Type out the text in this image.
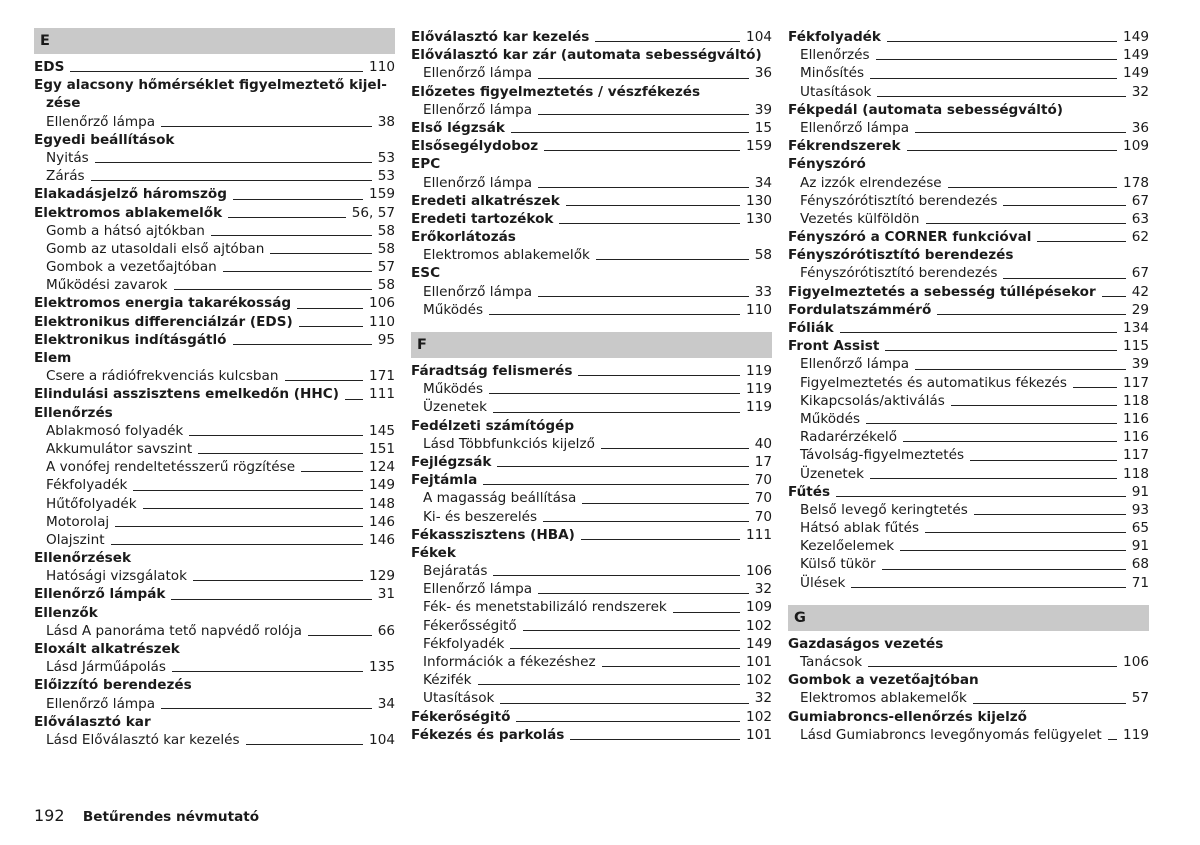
E
EDS	110
Egy alacsony hőmérséklet figyelmeztető kijel-
zése
Ellenőrző lámpa	38
Egyedi beállítások
Nyitás	53
Zárás	53
Elakadásjelző háromszög	159
Elektromos ablakemelők	56, 57
Gomb a hátsó ajtókban	58
Gomb az utasoldali első ajtóban	58
Gombok a vezetőajtóban	57
Működési zavarok	58
Elektromos energia takarékosság	106
Elektronikus differenciálzár (EDS)	110
Elektronikus indításgátló	95
Elem
Csere a rádiófrekvenciás kulcsban	171
Elindulási asszisztens emelkedőn (HHC) 111
Ellenőrzés
Ablakmosó folyadék	145
Akkumulátor savszint	151
A vonófej rendeltetésszerű rögzítése	124
Fékfolyadék	149
Hűtőfolyadék	148
Motorolaj	146
Olajszint	146
Ellenőrzések
Hatósági vizsgálatok	129
Ellenőrző lámpák	31
Ellenzők
Lásd A panoráma tető napvédő rolója	66
Eloxált alkatrészek
Lásd Járműápolás	135
Előizzító berendezés
Ellenőrző lámpa	34
Előválasztó kar
Lásd Előválasztó kar kezelés	104
Előválasztó kar kezelés	104
Előválasztó kar zár (automata sebességváltó)
Ellenőrző lámpa	36
Előzetes figyelmeztetés / vészfékezés
Ellenőrző lámpa	39
Első légzsák	15
Elsősegélydoboz	159
EPC
Ellenőrző lámpa	34
Eredeti alkatrészek	130
Eredeti tartozékok	130
Erőkorlátozás
Elektromos ablakemelők	58
ESC
Ellenőrző lámpa	33
Működés	110
F
Fáradtság felismerés	119
Működés	119
Üzenetek	119
Fedélzeti számítógép
Lásd Többfunkciós kijelző	40
Fejlégzsák	17
Fejtámla	70
A magasság beállítása	70
Ki- és beszerelés	70
Fékasszisztens (HBA)	111
Fékek
Bejáratás	106
Ellenőrző lámpa	32
Fék- és menetstabilizáló rendszerek	109
Fékerősségitő	102
Fékfolyadék	149
Információk a fékezéshez	101
Kézifék	102
Utasítások	32
Fékerőségitő	102
Fékezés és parkolás	101
Fékfolyadék	149
Ellenőrzés	149
Minősítés	149
Utasítások	32
Fékpedál (automata sebességváltó)
Ellenőrző lámpa	36
Fékrendszerek	109
Fényszóró
Az izzók elrendezése	178
Fényszórótisztító berendezés	67
Vezetés külföldön	63
Fényszóró a CORNER funkcióval	62
Fényszórótisztító berendezés
Fényszórótisztító berendezés	67
Figyelmeztetés a sebesség túllépésekor	42
Fordulatszámmérő	29
Fóliák	134
Front Assist	115
Ellenőrző lámpa	39
Figyelmeztetés és automatikus fékezés	117
Kikapcsolás/aktiválás	118
Működés	116
Radarérzékelő	116
Távolság-figyelmeztetés	117
Üzenetek	118
Fűtés	91
Belső levegő keringtetés	93
Hátsó ablak fűtés	65
Kezelőelemek	91
Külső tükör	68
Ülések	71
G
Gazdaságos vezetés
Tanácsok	106
Gombok a vezetőajtóban
Elektromos ablakemelők	57
Gumiabroncs-ellenőrzés kijelző
Lásd Gumiabroncs levegőnyomás felügyelet 119
192 Betűrendes névmutató
